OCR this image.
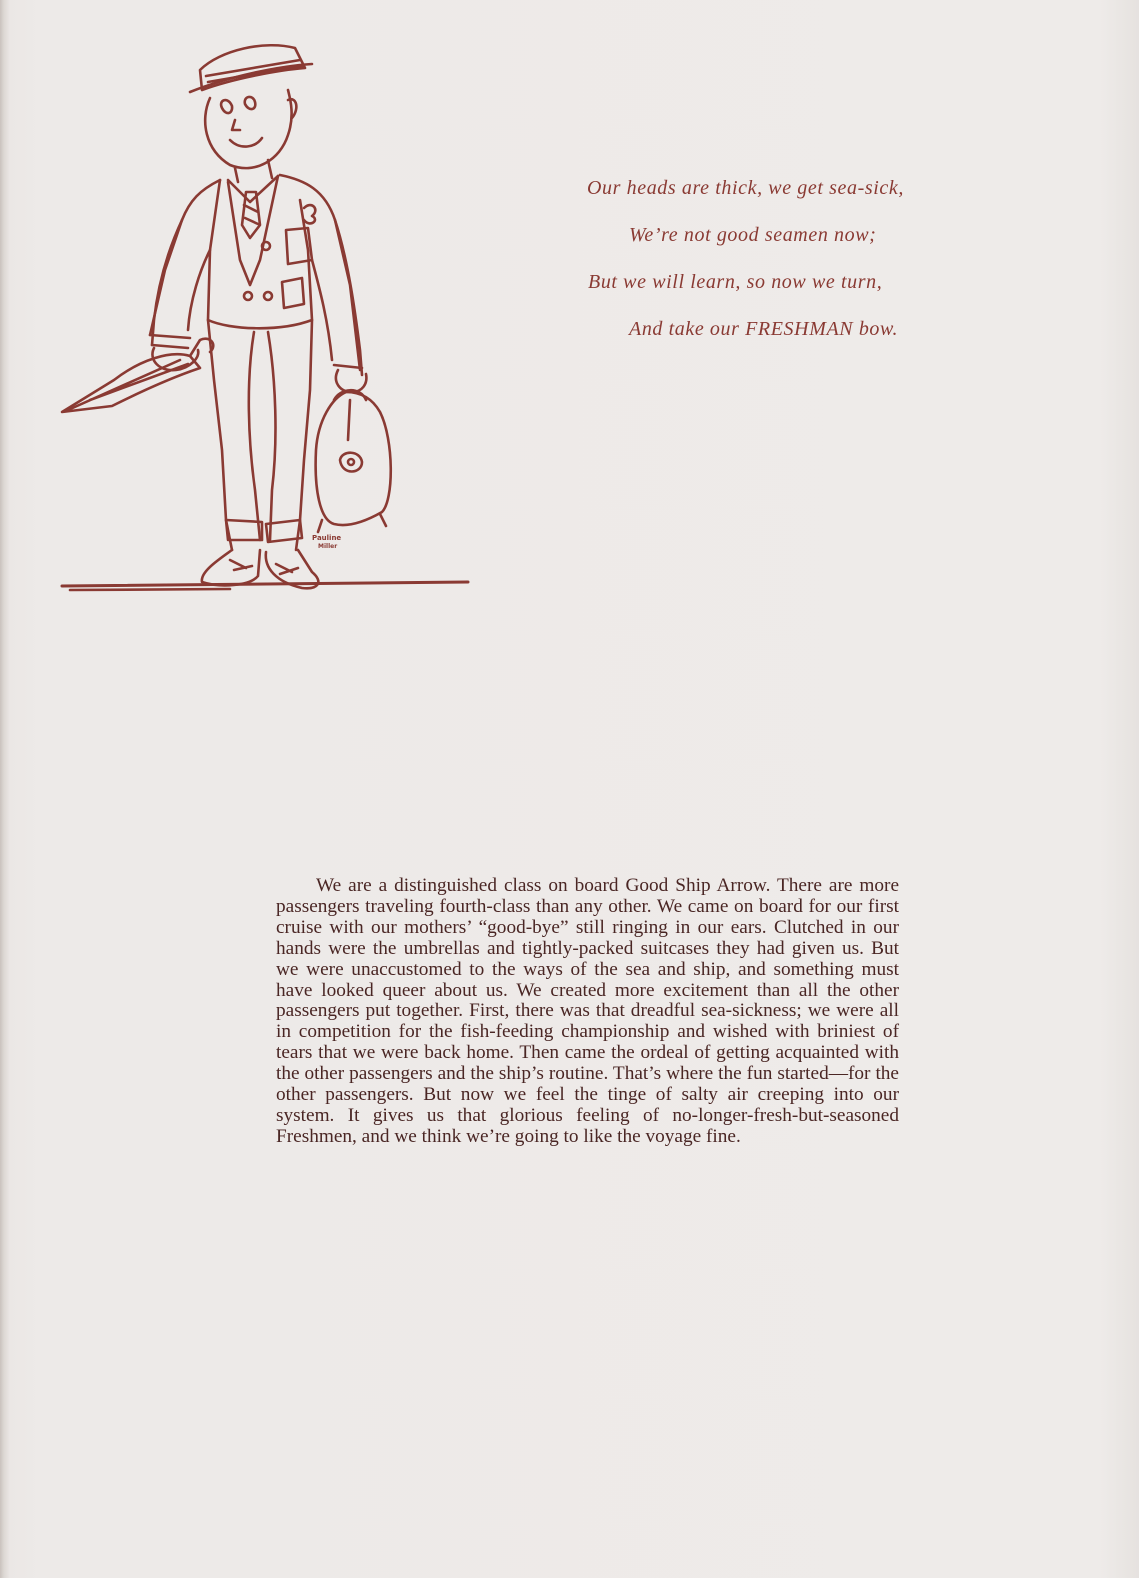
Pauline
Miller
Our heads are thick, we get sea-sick,
We’re not good seamen now;
But we will learn, so now we turn,
And take our FRESHMAN bow.

We are a distinguished class on board Good Ship Arrow. There are more passengers traveling fourth-class than any other. We came on board for our first cruise with our mothers’ “good-bye” still ringing in our ears. Clutched in our hands were the umbrellas and tightly-packed suitcases they had given us. But we were unaccustomed to the ways of the sea and ship, and something must have looked queer about us. We created more excitement than all the other passengers put together. First, there was that dreadful sea-sickness; we were all in competition for the fish-feeding championship and wished with briniest of tears that we were back home. Then came the ordeal of getting acquainted with the other passengers and the ship’s routine. That’s where the fun started—for the other passengers. But now we feel the tinge of salty air creeping into our system. It gives us that glorious feeling of no-longer-fresh-but-seasoned Freshmen, and we think we’re going to like the voyage fine.
